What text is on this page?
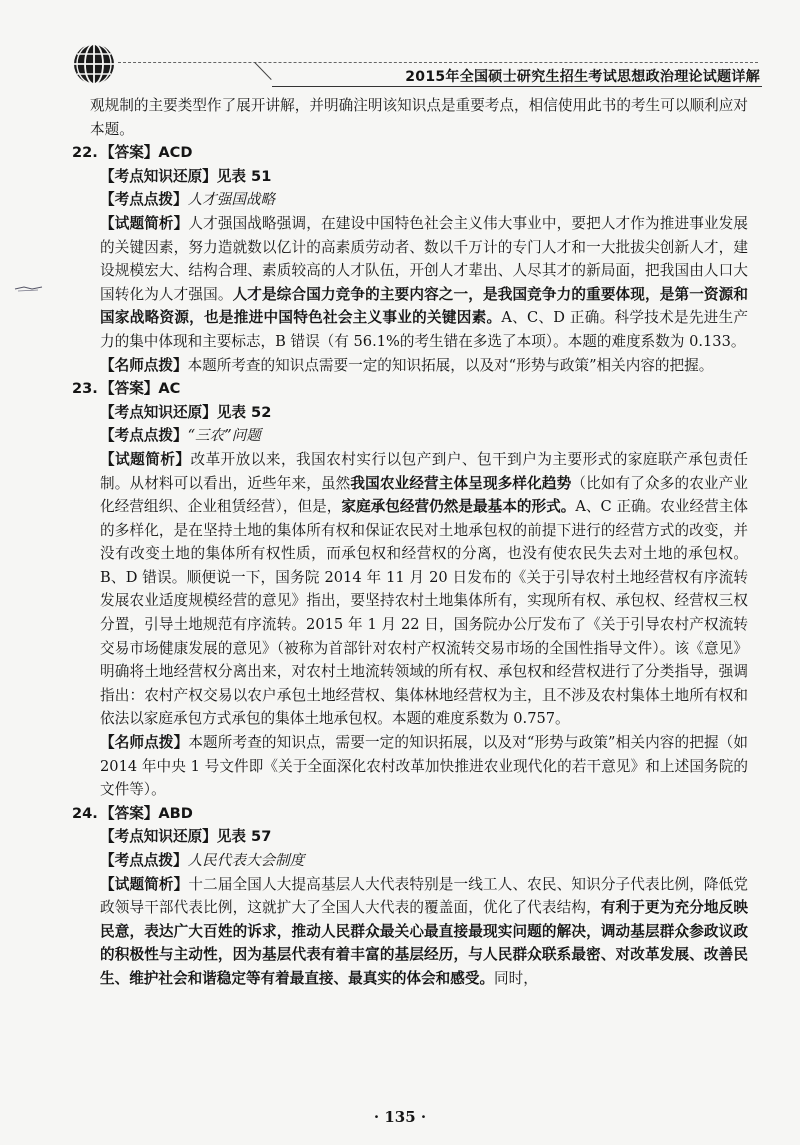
2015年全国硕士研究生招生考试思想政治理论试题详解

观规制的主要类型作了展开讲解，并明确注明该知识点是重要考点，相信使用此书的考生可以顺利应对本题。

22. 【答案】ACD

【考点知识还原】见表 51

【考点点拨】人才强国战略

【试题简析】人才强国战略强调，在建设中国特色社会主义伟大事业中，要把人才作为推进事业发展的关键因素，努力造就数以亿计的高素质劳动者、数以千万计的专门人才和一大批拔尖创新人才，建设规模宏大、结构合理、素质较高的人才队伍，开创人才辈出、人尽其才的新局面，把我国由人口大国转化为人才强国。人才是综合国力竞争的主要内容之一，是我国竞争力的重要体现，是第一资源和国家战略资源，也是推进中国特色社会主义事业的关键因素。A、C、D 正确。科学技术是先进生产力的集中体现和主要标志，B 错误（有 56.1%的考生错在多选了本项）。本题的难度系数为 0.133。

【名师点拨】本题所考查的知识点需要一定的知识拓展，以及对“形势与政策”相关内容的把握。

23. 【答案】AC

【考点知识还原】见表 52

【考点点拨】“三农”问题

【试题简析】改革开放以来，我国农村实行以包产到户、包干到户为主要形式的家庭联产承包责任制。从材料可以看出，近些年来，虽然我国农业经营主体呈现多样化趋势（比如有了众多的农业产业化经营组织、企业租赁经营），但是，家庭承包经营仍然是最基本的形式。A、C 正确。农业经营主体的多样化，是在坚持土地的集体所有权和保证农民对土地承包权的前提下进行的经营方式的改变，并没有改变土地的集体所有权性质，而承包权和经营权的分离，也没有使农民失去对土地的承包权。B、D 错误。顺便说一下，国务院 2014 年 11 月 20 日发布的《关于引导农村土地经营权有序流转发展农业适度规模经营的意见》指出，要坚持农村土地集体所有，实现所有权、承包权、经营权三权分置，引导土地规范有序流转。2015 年 1 月 22 日，国务院办公厅发布了《关于引导农村产权流转交易市场健康发展的意见》（被称为首部针对农村产权流转交易市场的全国性指导文件）。该《意见》明确将土地经营权分离出来，对农村土地流转领域的所有权、承包权和经营权进行了分类指导，强调指出：农村产权交易以农户承包土地经营权、集体林地经营权为主，且不涉及农村集体土地所有权和依法以家庭承包方式承包的集体土地承包权。本题的难度系数为 0.757。

【名师点拨】本题所考查的知识点，需要一定的知识拓展，以及对“形势与政策”相关内容的把握（如 2014 年中央 1 号文件即《关于全面深化农村改革加快推进农业现代化的若干意见》和上述国务院的文件等）。

24. 【答案】ABD

【考点知识还原】见表 57

【考点点拨】人民代表大会制度

【试题简析】十二届全国人大提高基层人大代表特别是一线工人、农民、知识分子代表比例，降低党政领导干部代表比例，这就扩大了全国人大代表的覆盖面，优化了代表结构，有利于更为充分地反映民意，表达广大百姓的诉求，推动人民群众最关心最直接最现实问题的解决，调动基层群众参政议政的积极性与主动性，因为基层代表有着丰富的基层经历，与人民群众联系最密、对改革发展、改善民生、维护社会和谐稳定等有着最直接、最真实的体会和感受。同时，

· 135 ·
